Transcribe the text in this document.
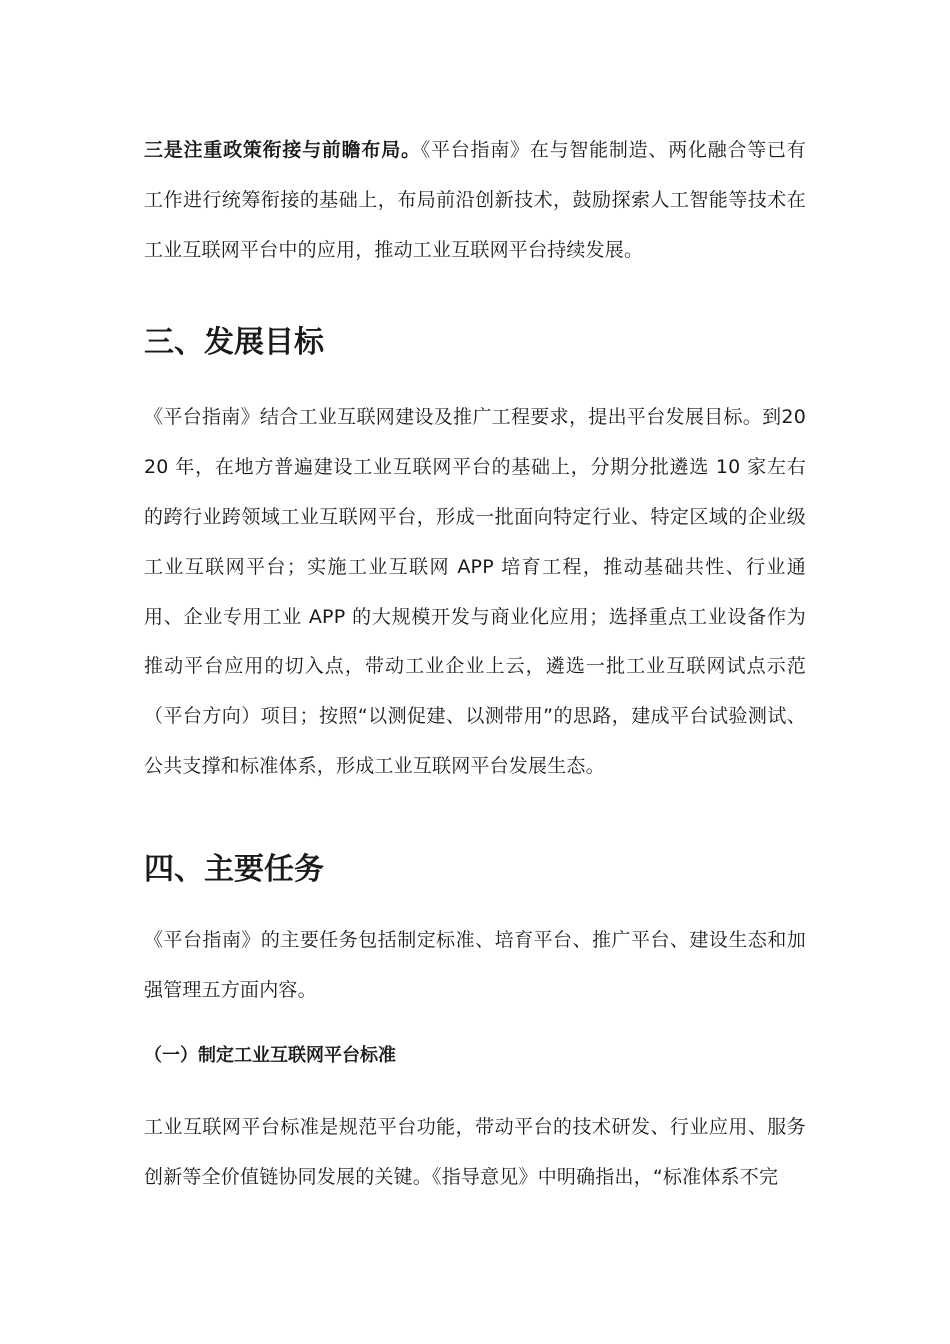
三是注重政策衔接与前瞻布局。《平台指南》在与智能制造、两化融合等已有工作进行统筹衔接的基础上，布局前沿创新技术，鼓励探索人工智能等技术在工业互联网平台中的应用，推动工业互联网平台持续发展。

三、发展目标

《平台指南》结合工业互联网建设及推广工程要求，提出平台发展目标。到2020 年，在地方普遍建设工业互联网平台的基础上，分期分批遴选 10 家左右的跨行业跨领域工业互联网平台，形成一批面向特定行业、特定区域的企业级工业互联网平台；实施工业互联网 APP 培育工程，推动基础共性、行业通用、企业专用工业 APP 的大规模开发与商业化应用；选择重点工业设备作为推动平台应用的切入点，带动工业企业上云，遴选一批工业互联网试点示范（平台方向）项目；按照“以测促建、以测带用”的思路，建成平台试验测试、公共支撑和标准体系，形成工业互联网平台发展生态。

四、主要任务

《平台指南》的主要任务包括制定标准、培育平台、推广平台、建设生态和加强管理五方面内容。

（一）制定工业互联网平台标准

工业互联网平台标准是规范平台功能，带动平台的技术研发、行业应用、服务创新等全价值链协同发展的关键。《指导意见》中明确指出，“标准体系不完
